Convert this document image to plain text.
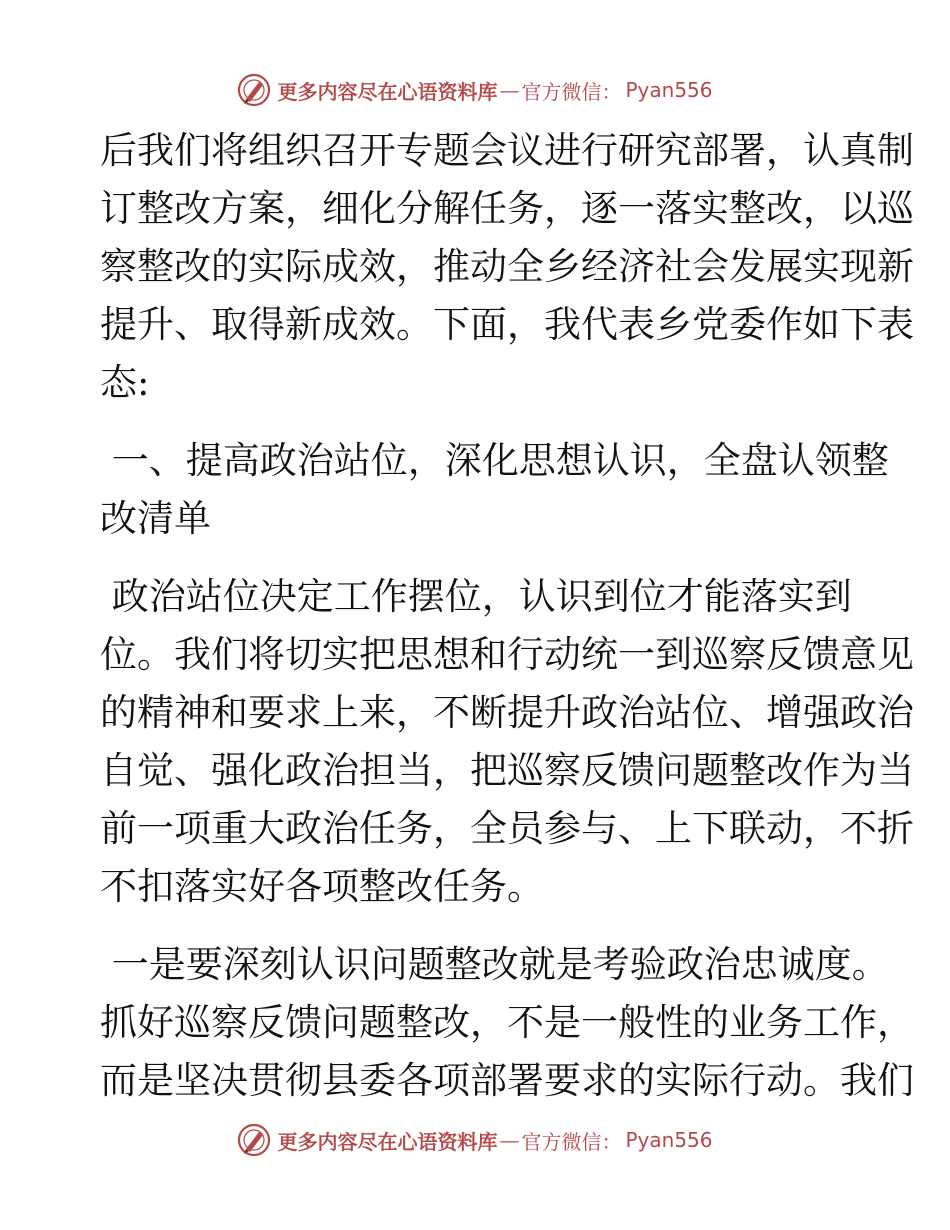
更多内容尽在心语资料库 — 官方微信： Pyan556
后我们将组织召开专题会议进行研究部署，认真制
订整改方案，细化分解任务，逐一落实整改，以巡
察整改的实际成效，推动全乡经济社会发展实现新
提升、取得新成效。下面，我代表乡党委作如下表
态:
一、提高政治站位，深化思想认识，全盘认领整
改清单
政治站位决定工作摆位，认识到位才能落实到
位。我们将切实把思想和行动统一到巡察反馈意见
的精神和要求上来，不断提升政治站位、增强政治
自觉、强化政治担当，把巡察反馈问题整改作为当
前一项重大政治任务，全员参与、上下联动，不折
不扣落实好各项整改任务。
一是要深刻认识问题整改就是考验政治忠诚度。
抓好巡察反馈问题整改，不是一般性的业务工作，
而是坚决贯彻县委各项部署要求的实际行动。我们
更多内容尽在心语资料库 — 官方微信： Pyan556
